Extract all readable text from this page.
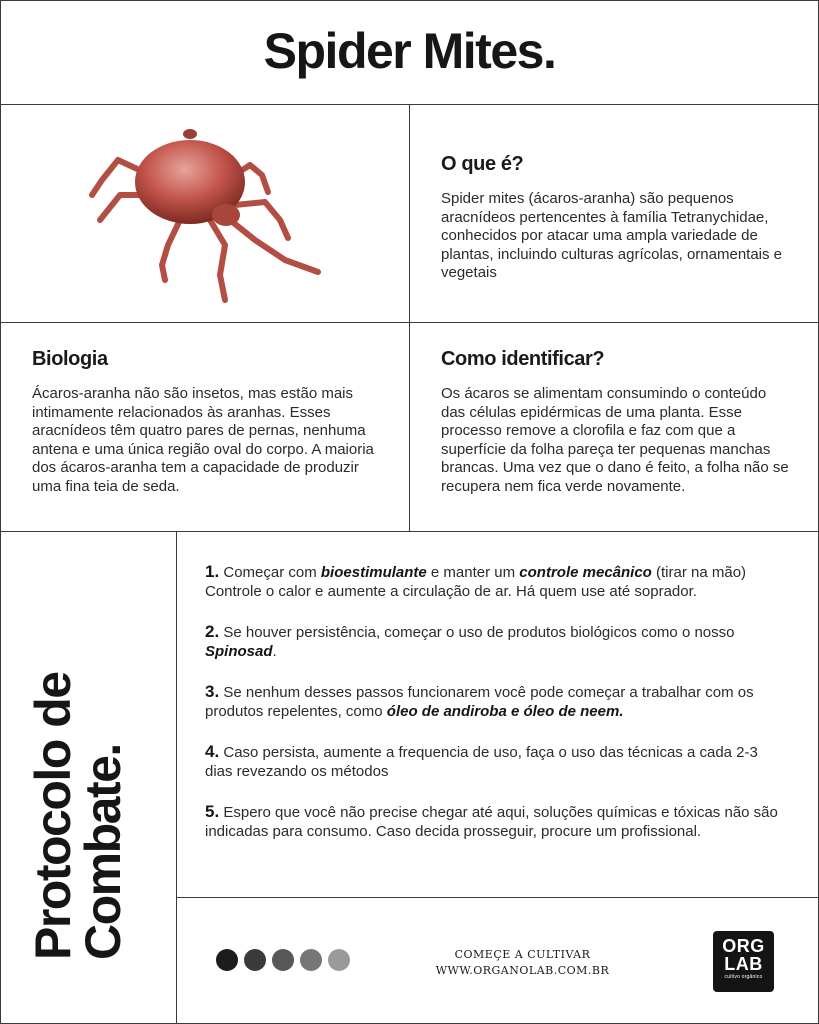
Spider Mites.
O que é?

Spider mites (ácaros-aranha) são pequenos aracnídeos pertencentes à família Tetranychidae, conhecidos por atacar uma ampla variedade de plantas, incluindo culturas agrícolas, ornamentais e vegetais

Biologia

Ácaros-aranha não são insetos, mas estão mais intimamente relacionados às aranhas. Esses aracnídeos têm quatro pares de pernas, nenhuma antena e uma única região oval do corpo. A maioria dos ácaros-aranha tem a capacidade de produzir uma fina teia de seda.

Como identificar?

Os ácaros se alimentam consumindo o conteúdo das células epidérmicas de uma planta. Esse processo remove a clorofila e faz com que a superfície da folha pareça ter pequenas manchas brancas. Uma vez que o dano é feito, a folha não se recupera nem fica verde novamente.

Protocolo de
Combate.

1. Começar com bioestimulante e manter um controle mecânico (tirar na mão) Controle o calor e aumente a circulação de ar. Há quem use até soprador.

2. Se houver persistência, começar o uso de produtos biológicos como o nosso Spinosad.

3. Se nenhum desses passos funcionarem você pode começar a trabalhar com os produtos repelentes, como óleo de andiroba e óleo de neem.

4. Caso persista, aumente a frequencia de uso, faça o uso das técnicas a cada 2-3 dias revezando os métodos

5. Espero que você não precise chegar até aqui, soluções químicas e tóxicas não são indicadas para consumo. Caso decida prosseguir, procure um profissional.

COMEÇE A CULTIVAR
WWW.ORGANOLAB.COM.BR
ORG
LAB
cultivo orgânico
